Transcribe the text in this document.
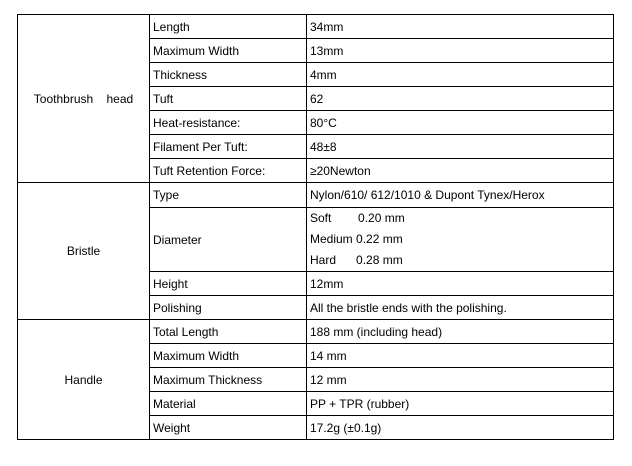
Toothbrush    head	Length	34mm
	Maximum Width	13mm
	Thickness	4mm
	Tuft	62
	Heat-resistance:	80°C
	Filament Per Tuft:	48±8
	Tuft Retention Force:	≥20Newton
Bristle	Type	Nylon/610/ 612/1010 & Dupont Tynex/Herox
	Diameter	Soft        0.20 mm
Medium 0.22 mm
Hard      0.28 mm

	Height	12mm
	Polishing	All the bristle ends with the polishing.
Handle	Total Length	188 mm (including head)
	Maximum Width	14 mm
	Maximum Thickness	12 mm
	Material	PP + TPR (rubber)
	Weight	17.2g (±0.1g)
